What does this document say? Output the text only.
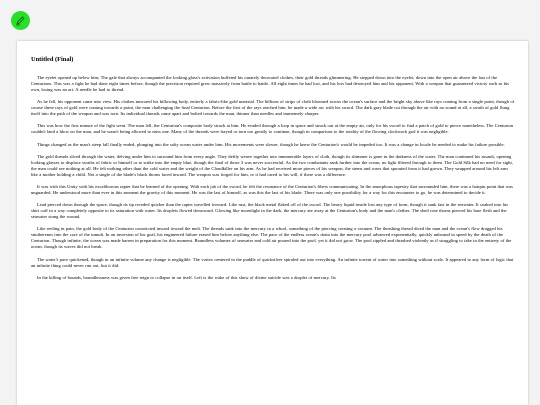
Untitled (Final)

The eyelet opened up below him; The gale that always accompanied the looking glass's activation buffeted his ornately decorated clothes, their gold threads glimmering. He stepped down into the eyelet, down into the open air above the last of the Centurions. This was a fight he had done eight times before, though the precision required grew massively from battle to battle. All eight times he had lost, and his loss had destroyed him and his opponent. With a weapon that guaranteed victory such as his own, losing was an art. A needle he had to thread.

As he fell, his opponent came into view. His clothes mirrored his billowing body, entirely a fabric-like gold material. The billions of strips of cloth bloomed across the ocean's surface and the bright sky above like rays coming from a single point, though of course these rays of gold were coming towards a point, the man challenging the final Centurion. Before the first of the rays reached him, he made a wide arc with his sword. The dark gray blade cut through the air with no sound at all, a swath of gold flung itself into the path of the weapon and was torn. Its individual threads came apart and bolted towards the man, thinner than needles and immensely sharper.

This was how the first minute of the fight went. The man fell, the Centurion's composite body struck at him. He evaded through a loop in space and struck out at the empty air, only for his sword to find a patch of gold to pierce nonetheless. The Centurion couldn't land a blow on the man, and he wasn't being allowed to miss one. Many of the threads were frayed or torn too greatly to continue, though in comparison to the totality of the flowing clockwork god it was negligible.

Things changed as the man's steep fall finally ended, plunging into the salty ocean water under him. His movements were slower, though he knew the Centurion's would be impeded too. It was a change in locale he needed to make his failure possible.

The gold threads sliced through the water, delving under him to surround him from every angle. They deftly weave together into innumerable layers of cloth, though its shimmer is gone in the darkness of the water. The man continued his assault, opening looking glasses to displace swaths of fabric or himself or to strike into the empty blue, though the final of those 3 was never successful. As the two combatants sank further into the ocean, no light filtered through to them. The Gold Silk had no need for sight, the man could see nothing at all. He felt nothing other than the cold water and the weight of the Cloudkiller on his arm. As he had received more pieces of his weapon, the stems and roses that sprouted from it had grown. They wrapped around his left arm like a mother holding a child. Not a single of the blade's black thorns faced inward. The weapon was forged for him, or it had cared to his will, if there was a difference.

It was with this Unity with his excaliborous rapier that he learned of the opening. With each jab of the sword, he felt the resonance of the Centurion's fibers communicating. In the amorphous tapestry that surrounded him, there was a hairpin point that was unguarded. He understood more than ever in this moment the gravity of this moment. He was the last of himself, as was this the last of his blade. There was only one possibility for a way for this encounter to go, he was determined to decide it.

Lead pierced down through the space, though its tip receded quicker than the rapier travelled forward. Like rust, the black metal flaked off of the sword. The heavy liquid inside lost any type of form, though it sank fast in the seawater. It soaked into his shirt cuff in a way completely opposite to its saturation with water. Its droplets flowed downward. Glowing like moonlight in the dark, the mercury ate away at the Centurion's body and the man's clothes. The shed rose thorns pierced his bare flesh and the seawater stung the wound.

Like reeling in pain, the gold body of the Centurion constricted inward toward the melt. The threads sank into the mercury in a whorl, something of the piercing creating a vacuum. The thrashing thread diced the man and the ocean's flow dragged his smitherenes into the core of the tumult. In an inversion of his goal, his engineered failure erased him before anything else. The pace of the endless ocean's drain into the mercury pool advanced exponentially, quickly unbound in speed by the death of the Centurion. Though infinite, the ocean was made barren in preparation for this moment. Boundless volumes of seawater and cold air poured into the pool, yet it did not grow. The pool rippled and thrashed violently as if struggling to take in the entirety of the ocean, though its waves did not break.

The water's pace quickened, though in an infinite volume any change is negligible. The vortex centered in the puddle of quicksilver spiraled out into everything. An infinite torrent of water into something without scale. It appeared to any form of logic that an infinite thing could never run out, but it did.

In the killing of bounds, boundlessness was given free reign to collapse in on itself. Left is the wake of this show of divine suicide was a droplet of mercury. Its
